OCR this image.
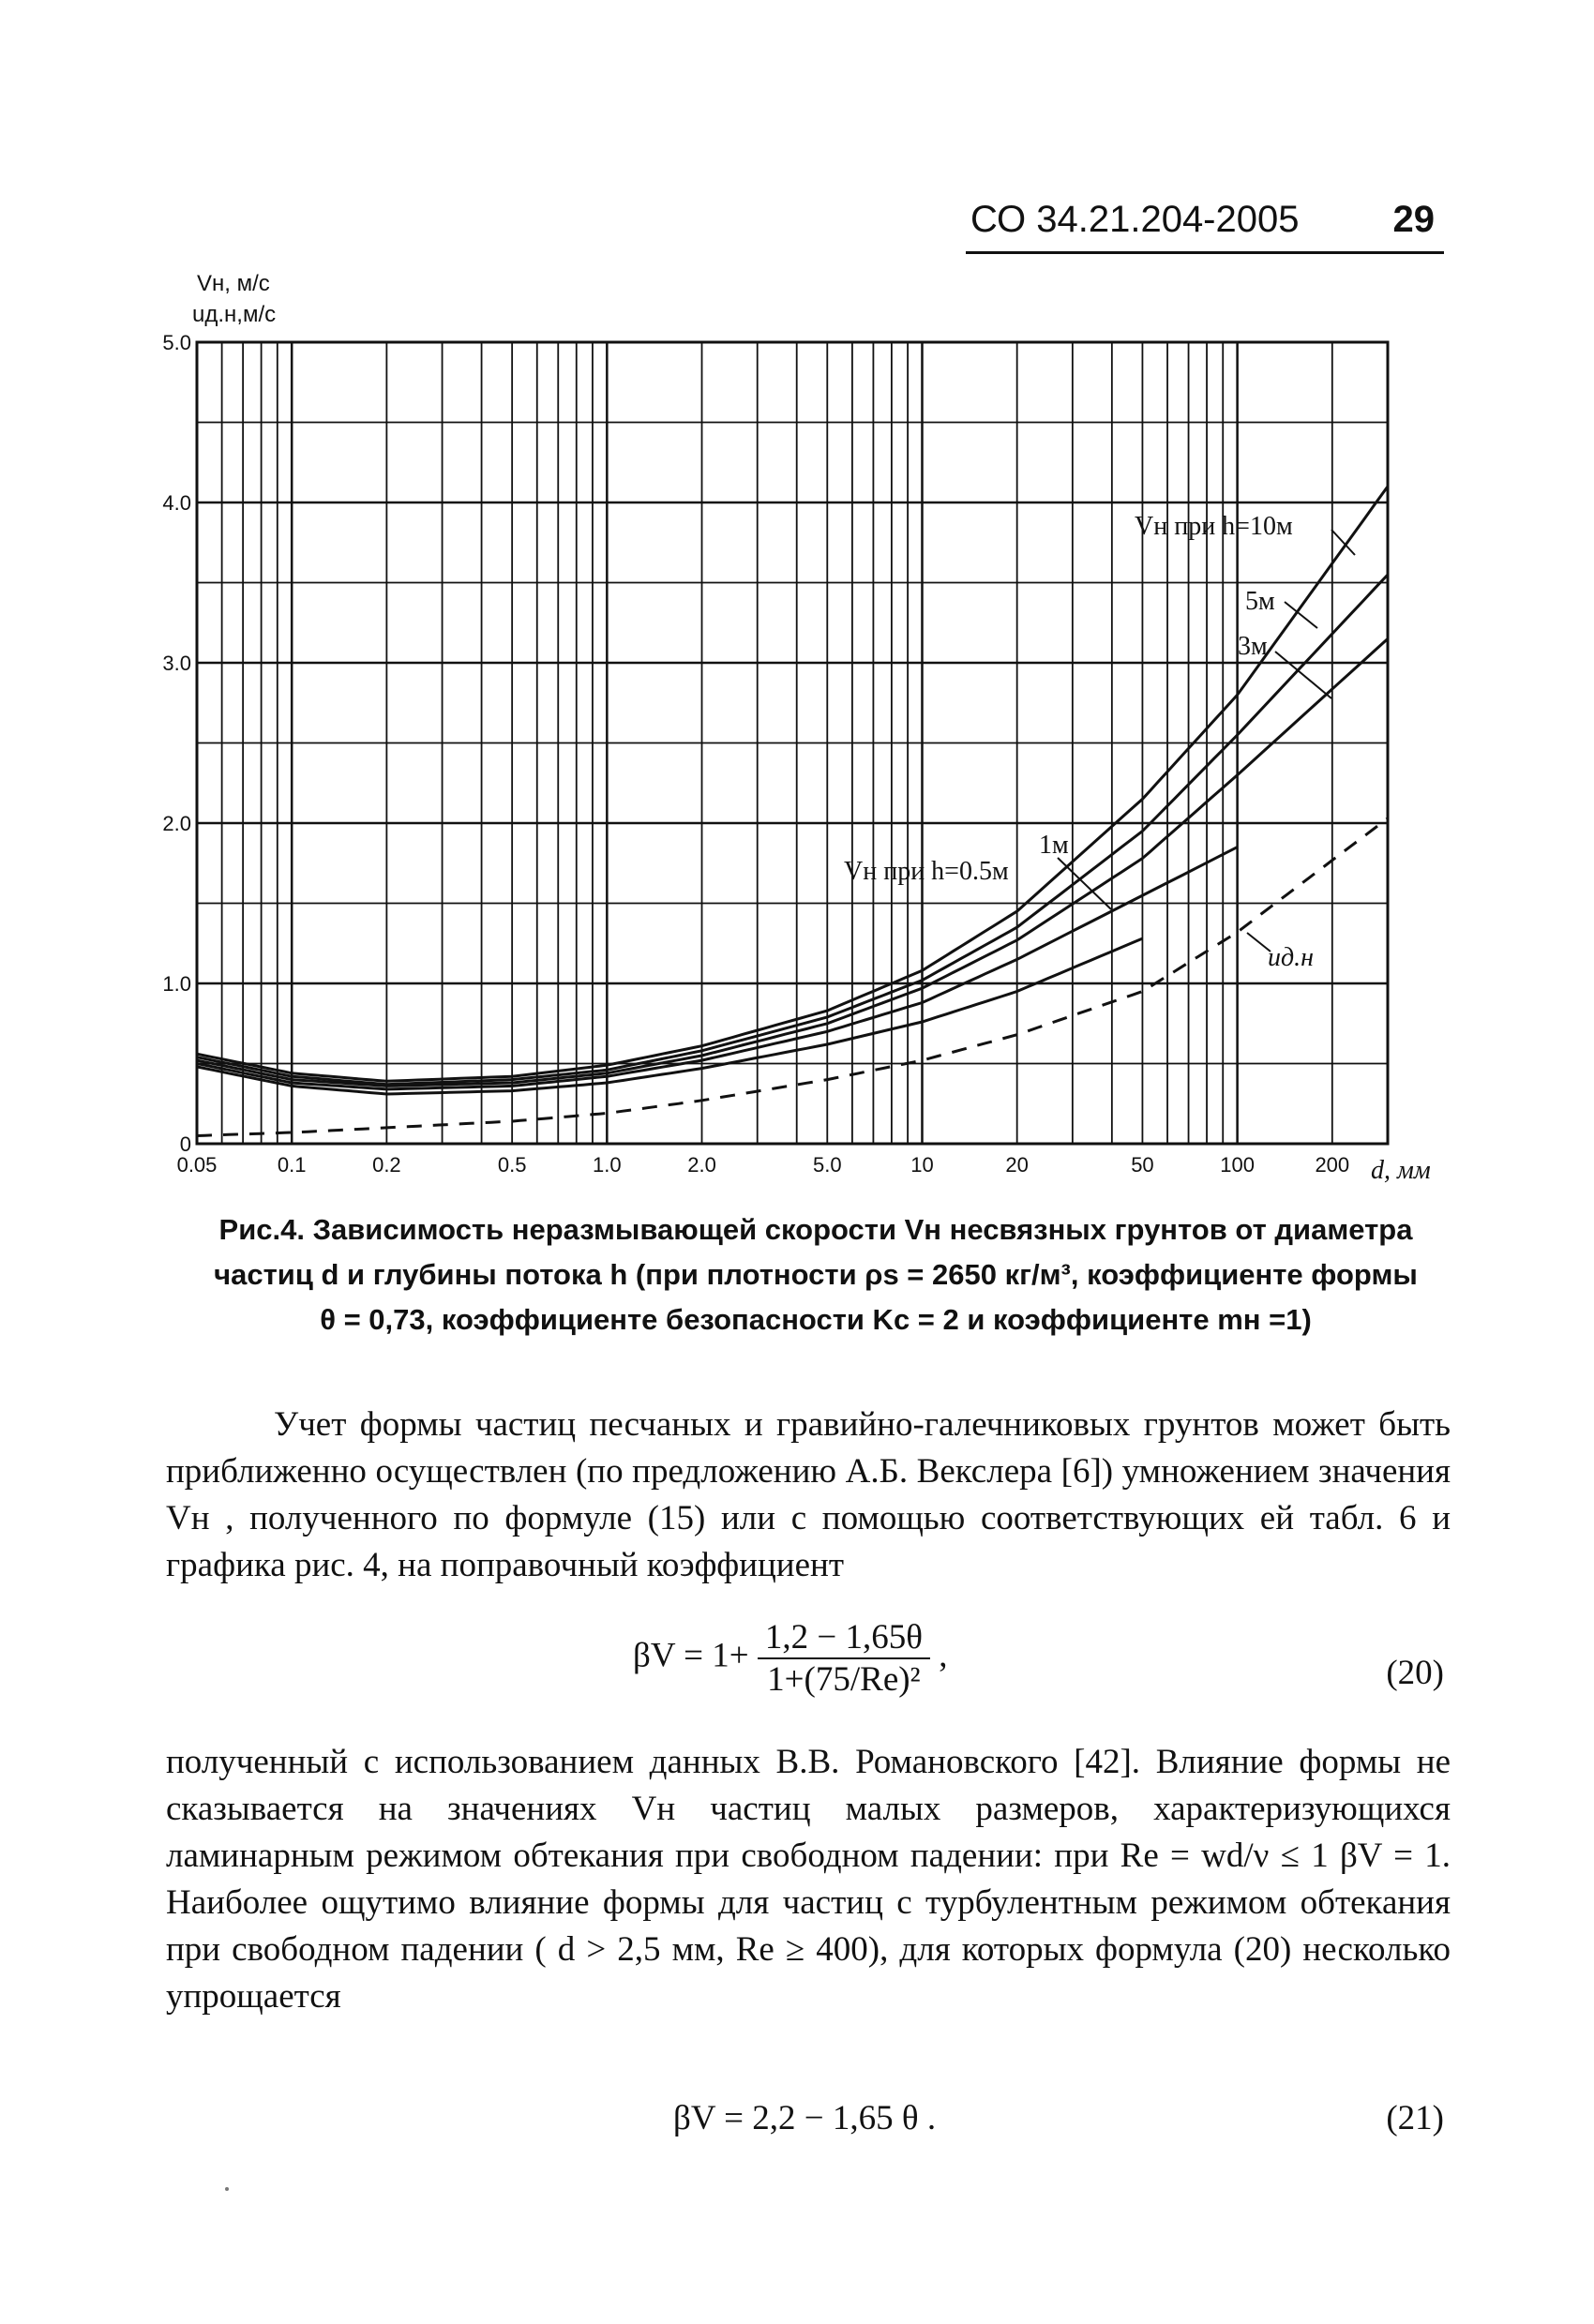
СО 34.21.204-2005	29
0
1.0
2.0
3.0
4.0
5.0
0.05	0.1	0.2	0.5	1.0	2.0	5.0	10	20	50	100	200
Vн, м/с
uд.н,м/с
d, мм
Vн при h=10м
5м
3м
1м
Vн при h=0.5м
uд.н

Рис.4. Зависимость неразмывающей скорости Vн несвязных грунтов от диаметра

частиц d и глубины потока h (при плотности ρs = 2650 кг/м³, коэффициенте формы

θ = 0,73, коэффициенте безопасности Kс = 2 и коэффициенте mн =1)

Учет формы частиц песчаных и гравийно-галечниковых грунтов может быть приближенно осуществлен (по предложению А.Б. Векслера [6]) умножением значения Vн , полученного по формуле (15) или с помощью соответствующих ей табл. 6 и графика рис. 4, на поправочный коэффициент
$\beta V = 1+ \frac{1,2 - 1,65\theta}{\text{1+(75/Re)²}}$ ,	(20)
полученный с использованием данных В.В. Романовского [42]. Влияние формы не сказывается на значениях Vн частиц малых размеров, характеризующихся ламинарным режимом обтекания при свободном падении: при Re = wd/ν ≤ 1 βV = 1. Наиболее ощутимо влияние формы для частиц с турбулентным режимом обтекания при свободном падении ( d > 2,5 мм, Re ≥ 400), для которых формула (20) несколько упрощается
βV = 2,2 − 1,65 θ .	(21)
